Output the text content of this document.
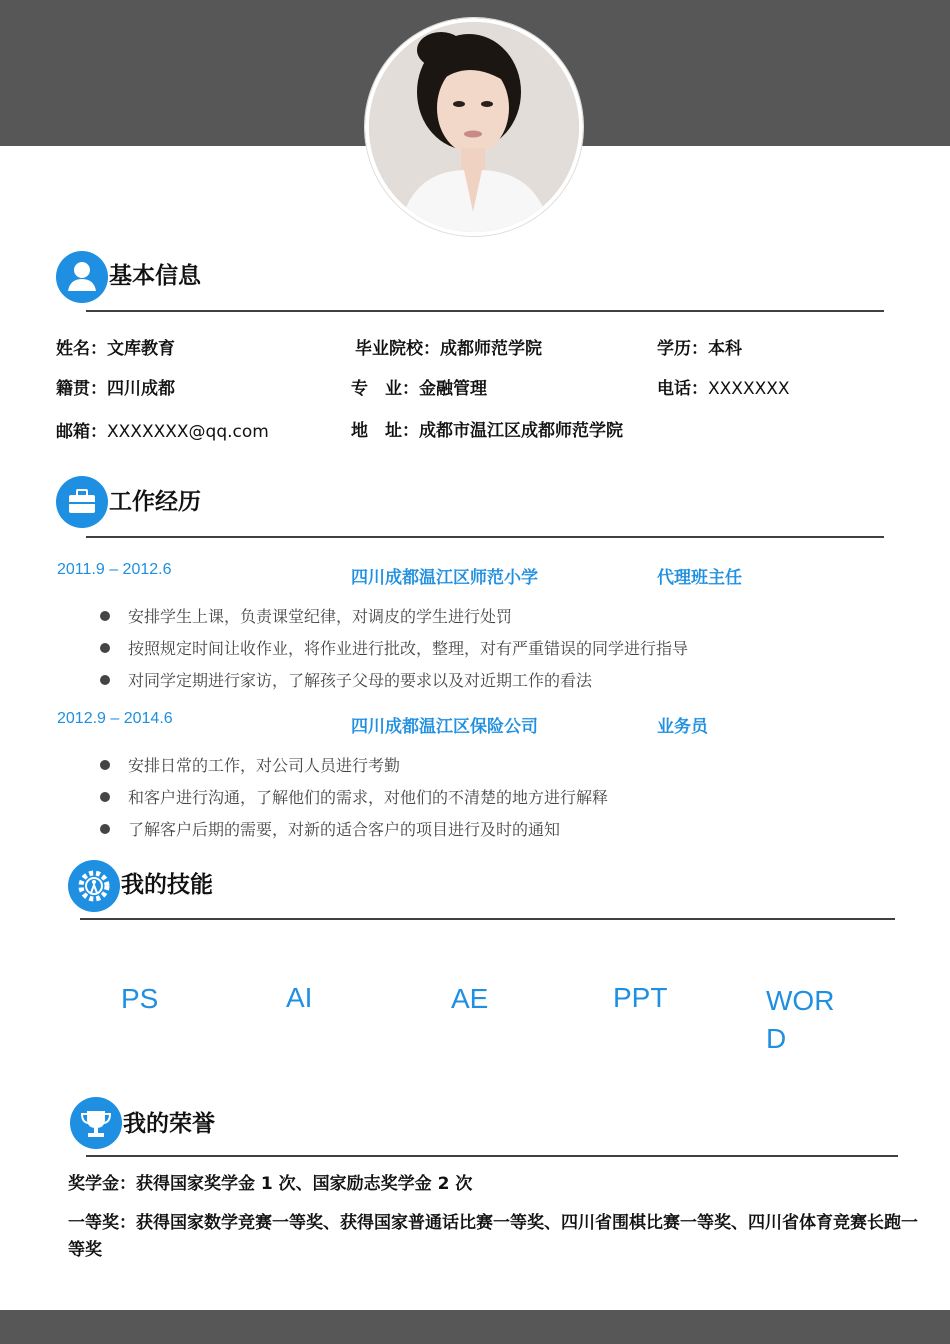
基本信息
姓名：文库教育	毕业院校：成都师范学院	学历：本科
籍贯：四川成都	专　业：金融管理	电话：XXXXXXX
邮箱：XXXXXXX@qq.com	地　址：成都市温江区成都师范学院
工作经历
2011.9 – 2012.6	四川成都温江区师范小学	代理班主任
安排学生上课，负责课堂纪律，对调皮的学生进行处罚
按照规定时间让收作业，将作业进行批改，整理，对有严重错误的同学进行指导
对同学定期进行家访，了解孩子父母的要求以及对近期工作的看法
2012.9 – 2014.6	四川成都温江区保险公司	业务员
安排日常的工作，对公司人员进行考勤
和客户进行沟通，了解他们的需求，对他们的不清楚的地方进行解释
了解客户后期的需要，对新的适合客户的项目进行及时的通知
我的技能
PS	AI	AE	PPT	WOR
D
我的荣誉
奖学金：获得国家奖学金 1 次、国家励志奖学金 2 次
一等奖：获得国家数学竞赛一等奖、获得国家普通话比赛一等奖、四川省围棋比赛一等奖、四川省体育竞赛长跑一等奖
